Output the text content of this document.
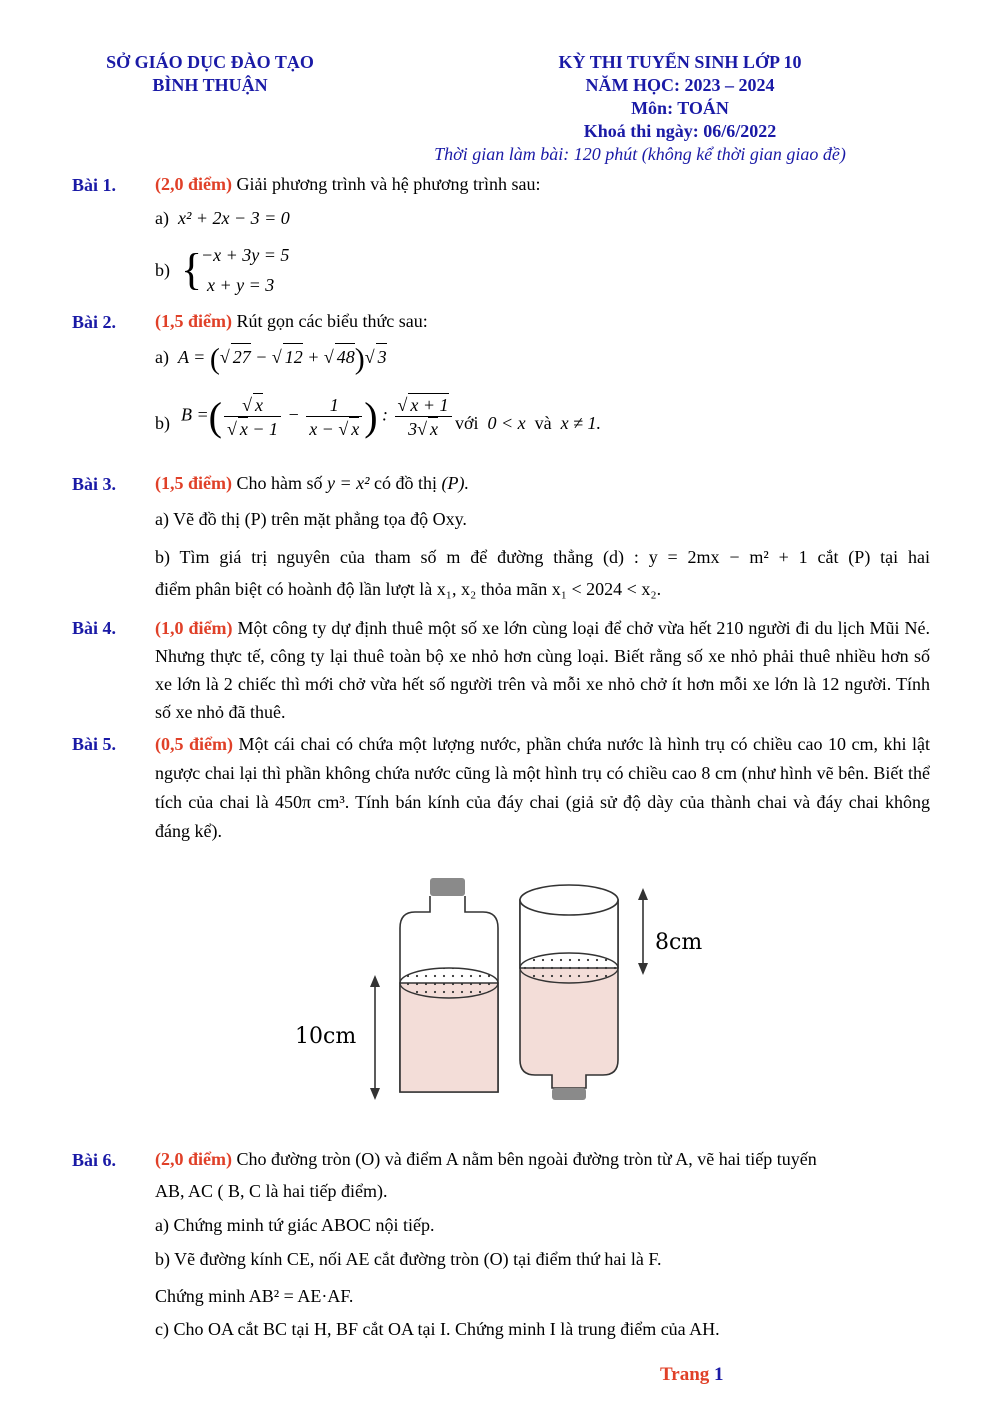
SỞ GIÁO DỤC ĐÀO TẠO
BÌNH THUẬN
KỲ THI TUYỂN SINH LỚP 10
NĂM HỌC: 2023 – 2024
Môn: TOÁN
Khoá thi ngày: 06/6/2022
Thời gian làm bài: 120 phút (không kể thời gian giao đề)
Bài 1. (2,0 điểm) Giải phương trình và hệ phương trình sau:
a) x² + 2x − 3 = 0
b) {
−x + 3y = 5
x + y = 3
Bài 2. (1,5 điểm) Rút gọn các biểu thức sau:
a) A = (√ 27 − √ 12 + √ 48)√ 3
b) B =( $\frac{√ x}{√ x - 1} - \frac{1}{x - √ x}$ ) : $\frac{√ x + 1}{3√ x}$ với 0 < x và x ≠ 1.
Bài 3. (1,5 điểm) Cho hàm số y = x² có đồ thị (P).
a) Vẽ đồ thị (P) trên mặt phẳng tọa độ Oxy.
b) Tìm giá trị nguyên của tham số m để đường thẳng (d) : y = 2mx − m² + 1 cắt (P) tại hai
điểm phân biệt có hoành độ lần lượt là x₁, x₂ thỏa mãn x₁ < 2024 < x₂.
Bài 4. (1,0 điểm) Một công ty dự định thuê một số xe lớn cùng loại để chở vừa hết 210 người đi du lịch Mũi Né. Nhưng thực tế, công ty lại thuê toàn bộ xe nhỏ hơn cùng loại. Biết rằng số xe nhỏ phải thuê nhiều hơn số xe lớn là 2 chiếc thì mới chở vừa hết số người trên và mỗi xe nhỏ chở ít hơn mỗi xe lớn là 12 người. Tính số xe nhỏ đã thuê.
Bài 5. (0,5 điểm) Một cái chai có chứa một lượng nước, phần chứa nước là hình trụ có chiều cao 10 cm, khi lật ngược chai lại thì phần không chứa nước cũng là một hình trụ có chiều cao 8 cm (như hình vẽ bên. Biết thể tích của chai là 450π cm³. Tính bán kính của đáy chai (giả sử độ dày của thành chai và đáy chai không đáng kể).
10cm
8cm
Bài 6. (2,0 điểm) Cho đường tròn (O) và điểm A nằm bên ngoài đường tròn từ A, vẽ hai tiếp tuyến
AB, AC ( B, C là hai tiếp điểm).
a) Chứng minh tứ giác ABOC nội tiếp.
b) Vẽ đường kính CE, nối AE cắt đường tròn (O) tại điểm thứ hai là F.
Chứng minh AB² = AE·AF.
c) Cho OA cắt BC tại H, BF cắt OA tại I. Chứng minh I là trung điểm của AH.
Trang 1
